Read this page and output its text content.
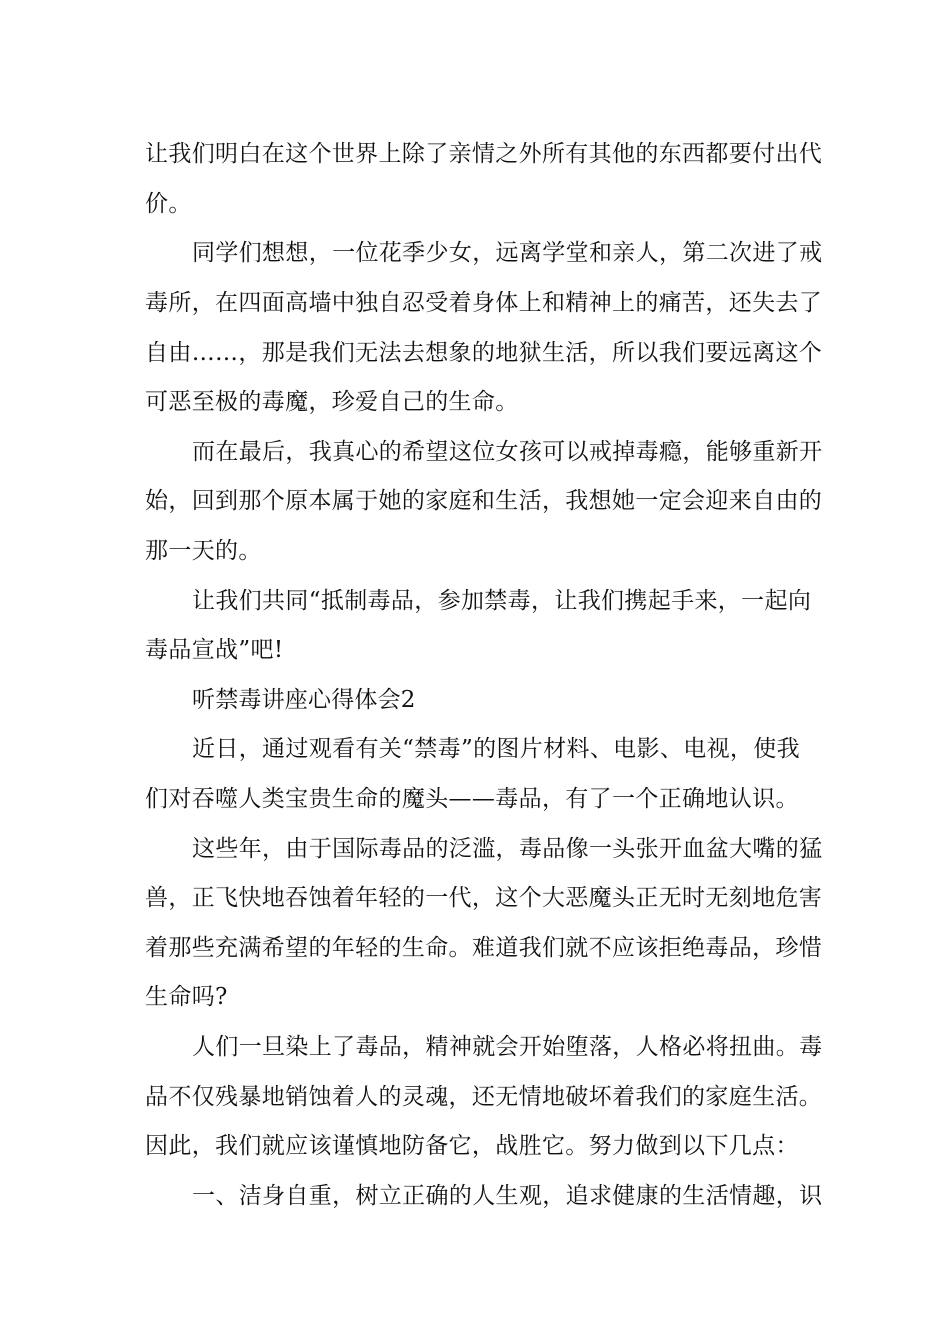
让我们明白在这个世界上除了亲情之外所有其他的东西都要付出代
价。
同学们想想，一位花季少女，远离学堂和亲人，第二次进了戒
毒所，在四面高墙中独自忍受着身体上和精神上的痛苦，还失去了
自由……，那是我们无法去想象的地狱生活，所以我们要远离这个
可恶至极的毒魔，珍爱自己的生命。
而在最后，我真心的希望这位女孩可以戒掉毒瘾，能够重新开
始，回到那个原本属于她的家庭和生活，我想她一定会迎来自由的
那一天的。
让我们共同“抵制毒品，参加禁毒，让我们携起手来，一起向
毒品宣战”吧!
听禁毒讲座心得体会2
近日，通过观看有关“禁毒”的图片材料、电影、电视，使我
们对吞噬人类宝贵生命的魔头——毒品，有了一个正确地认识。
这些年，由于国际毒品的泛滥，毒品像一头张开血盆大嘴的猛
兽，正飞快地吞蚀着年轻的一代，这个大恶魔头正无时无刻地危害
着那些充满希望的年轻的生命。难道我们就不应该拒绝毒品，珍惜
生命吗?
人们一旦染上了毒品，精神就会开始堕落，人格必将扭曲。毒
品不仅残暴地销蚀着人的灵魂，还无情地破坏着我们的家庭生活。
因此，我们就应该谨慎地防备它，战胜它。努力做到以下几点：
一、洁身自重，树立正确的人生观，追求健康的生活情趣，识
